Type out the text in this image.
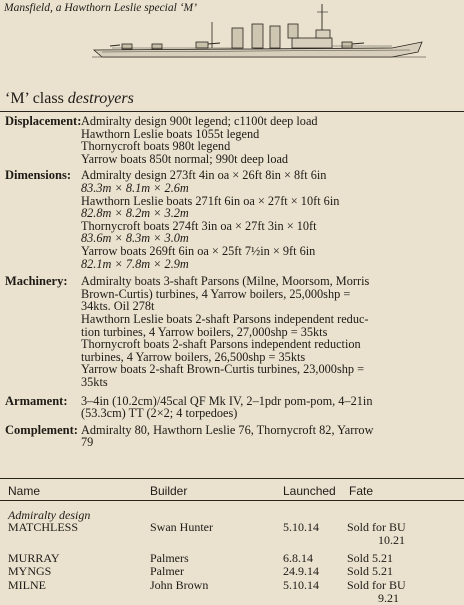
Mansfield, a Hawthorn Leslie special ‘M’
‘M’ class destroyers
Displacement: Admiralty design 900t legend; c1100t deep load
Hawthorn Leslie boats 1055t legend
Thornycroft boats 980t legend
Yarrow boats 850t normal; 990t deep load
Dimensions: Admiralty design 273ft 4in oa × 26ft 8in × 8ft 6in
83.3m × 8.1m × 2.6m
Hawthorn Leslie boats 271ft 6in oa × 27ft × 10ft 6in
82.8m × 8.2m × 3.2m
Thornycroft boats 274ft 3in oa × 27ft 3in × 10ft
83.6m × 8.3m × 3.0m
Yarrow boats 269ft 6in oa × 25ft 7½in × 9ft 6in
82.1m × 7.8m × 2.9m
Machinery: Admiralty boats 3-shaft Parsons (Milne, Moorsom, Morris
Brown-Curtis) turbines, 4 Yarrow boilers, 25,000shp =
34kts. Oil 278t
Hawthorn Leslie boats 2-shaft Parsons independent reduc-
tion turbines, 4 Yarrow boilers, 27,000shp = 35kts
Thornycroft boats 2-shaft Parsons independent reduction
turbines, 4 Yarrow boilers, 26,500shp = 35kts
Yarrow boats 2-shaft Brown-Curtis turbines, 23,000shp =
35kts
Armament: 3–4in (10.2cm)/45cal QF Mk IV, 2–1pdr pom-pom, 4–21in
(53.3cm) TT (2×2; 4 torpedoes)
Complement: Admiralty 80, Hawthorn Leslie 76, Thornycroft 82, Yarrow
79
Name	Builder	Launched Fate
Admiralty design
MATCHLESS	Swan Hunter	5.10.14 Sold for BU
10.21
MURRAY	Palmers	6.8.14	Sold 5.21
MYNGS	Palmer	24.9.14 Sold 5.21
MILNE	John Brown	5.10.14 Sold for BU
9.21
